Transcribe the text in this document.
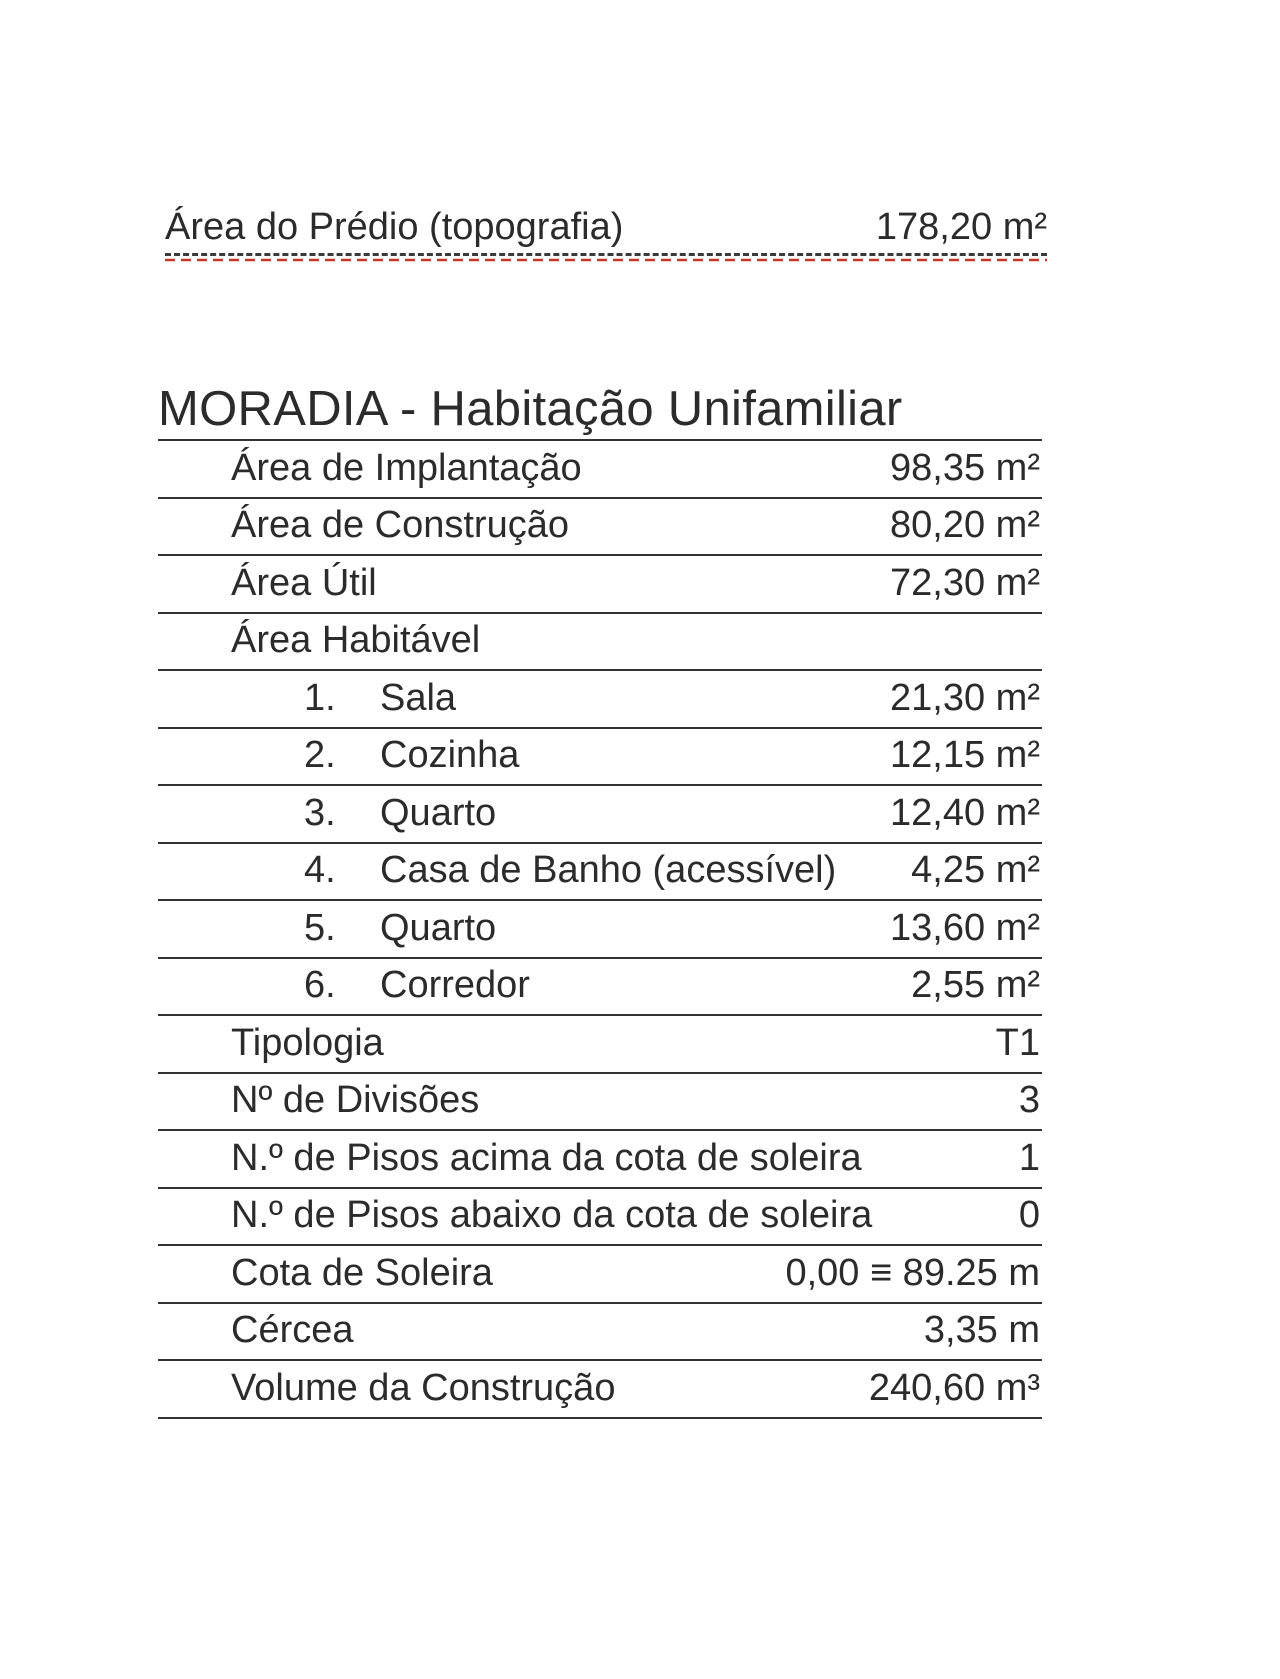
Área do Prédio (topografia)	178,20 m²
MORADIA - Habitação Unifamiliar
Área de Implantação	98,35 m²
Área de Construção	80,20 m²
Área Útil	72,30 m²
Área Habitável
1. Sala	21,30 m²
2. Cozinha	12,15 m²
3. Quarto	12,40 m²
4. Casa de Banho (acessível) 4,25 m²
5. Quarto	13,60 m²
6. Corredor	2,55 m²
Tipologia	T1
Nº de Divisões	3
N.º de Pisos acima da cota de soleira	1
N.º de Pisos abaixo da cota de soleira	0
Cota de Soleira	0,00 ≡ 89.25 m
Cércea	3,35 m
Volume da Construção	240,60 m³
